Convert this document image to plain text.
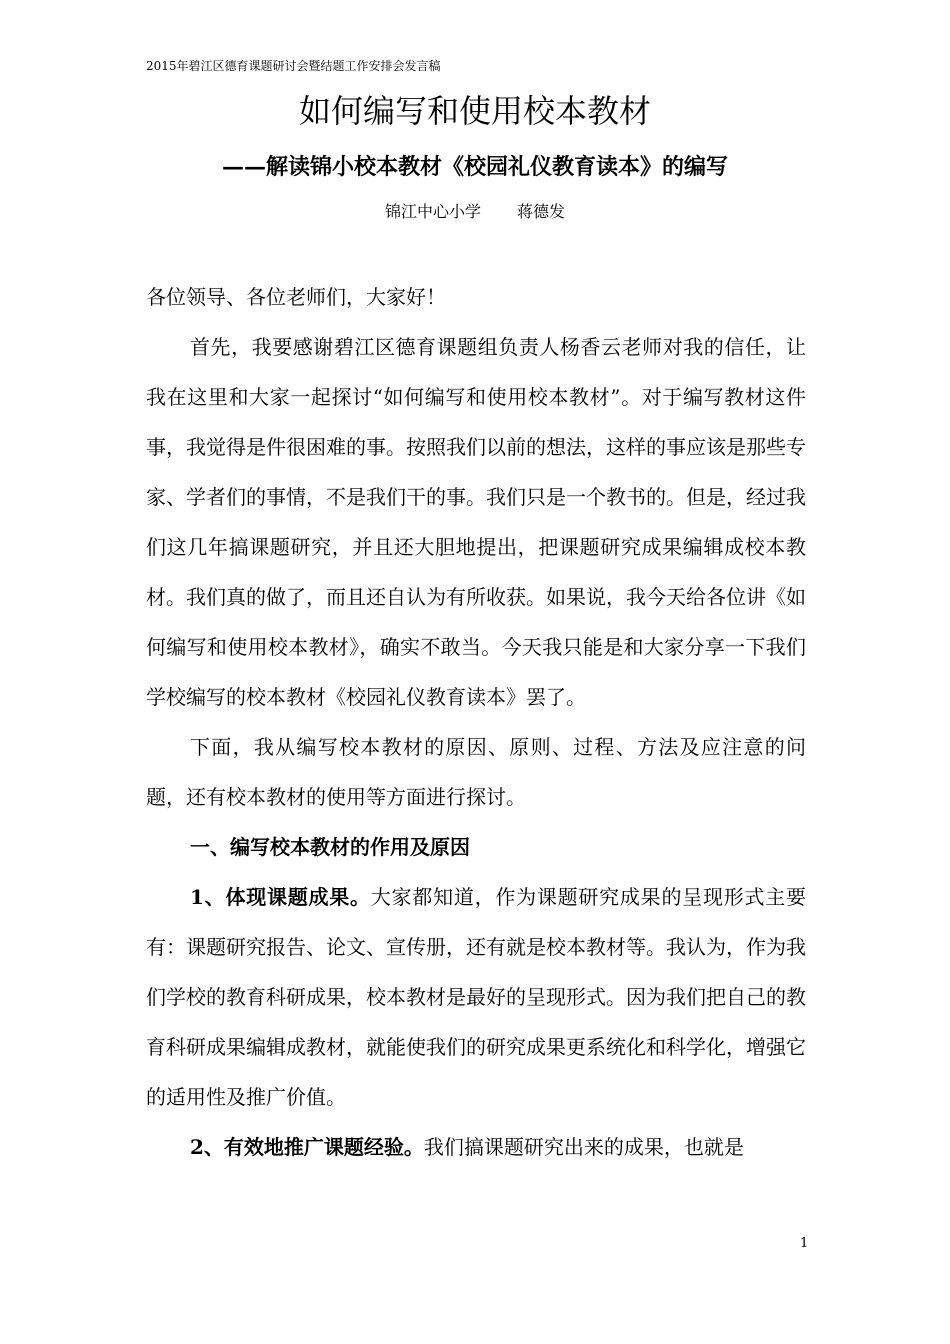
2015年碧江区德育课题研讨会暨结题工作安排会发言稿
如何编写和使用校本教材
——解读锦小校本教材《校园礼仪教育读本》的编写
锦江中心小学 蒋德发

各位领导、各位老师们，大家好！

首先，我要感谢碧江区德育课题组负责人杨香云老师对我的信任，让我在这里和大家一起探讨“如何编写和使用校本教材”。对于编写教材这件事，我觉得是件很困难的事。按照我们以前的想法，这样的事应该是那些专家、学者们的事情，不是我们干的事。我们只是一个教书的。但是，经过我们这几年搞课题研究，并且还大胆地提出，把课题研究成果编辑成校本教材。我们真的做了，而且还自认为有所收获。如果说，我今天给各位讲《如何编写和使用校本教材》，确实不敢当。今天我只能是和大家分享一下我们学校编写的校本教材《校园礼仪教育读本》罢了。

下面，我从编写校本教材的原因、原则、过程、方法及应注意的问题，还有校本教材的使用等方面进行探讨。

一、编写校本教材的作用及原因

1、体现课题成果。大家都知道，作为课题研究成果的呈现形式主要有：课题研究报告、论文、宣传册，还有就是校本教材等。我认为，作为我们学校的教育科研成果，校本教材是最好的呈现形式。因为我们把自己的教育科研成果编辑成教材，就能使我们的研究成果更系统化和科学化，增强它的适用性及推广价值。

2、有效地推广课题经验。我们搞课题研究出来的成果，也就是

1
